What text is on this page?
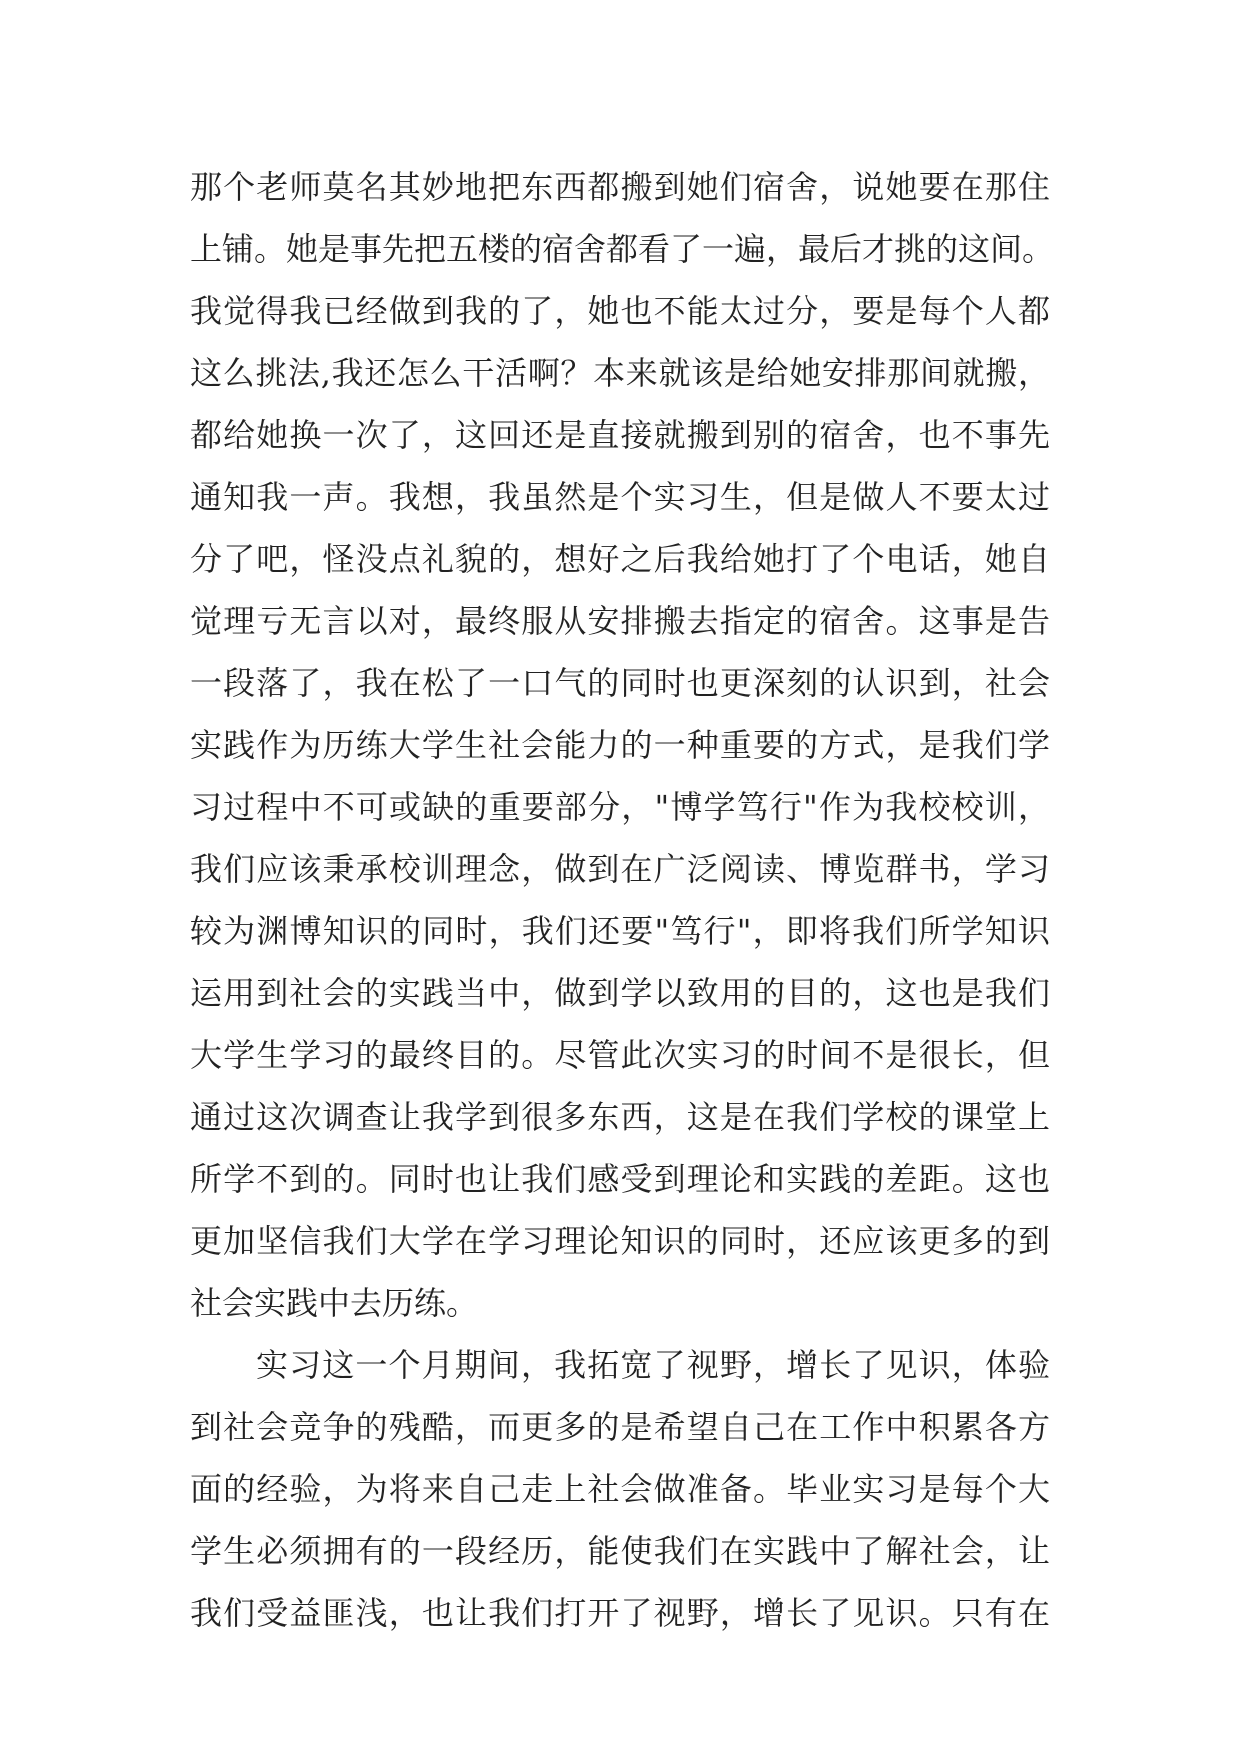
那个老师莫名其妙地把东西都搬到她们宿舍，说她要在那住
上铺。她是事先把五楼的宿舍都看了一遍，最后才挑的这间。
我觉得我已经做到我的了，她也不能太过分，要是每个人都
这么挑法,我还怎么干活啊？本来就该是给她安排那间就搬，
都给她换一次了，这回还是直接就搬到别的宿舍，也不事先
通知我一声。我想，我虽然是个实习生，但是做人不要太过
分了吧，怪没点礼貌的，想好之后我给她打了个电话，她自
觉理亏无言以对，最终服从安排搬去指定的宿舍。这事是告
一段落了，我在松了一口气的同时也更深刻的认识到，社会
实践作为历练大学生社会能力的一种重要的方式，是我们学
习过程中不可或缺的重要部分，"博学笃行"作为我校校训，
我们应该秉承校训理念，做到在广泛阅读、博览群书，学习
较为渊博知识的同时，我们还要"笃行"，即将我们所学知识
运用到社会的实践当中，做到学以致用的目的，这也是我们
大学生学习的最终目的。尽管此次实习的时间不是很长，但
通过这次调查让我学到很多东西，这是在我们学校的课堂上
所学不到的。同时也让我们感受到理论和实践的差距。这也
更加坚信我们大学在学习理论知识的同时，还应该更多的到
社会实践中去历练。
实习这一个月期间，我拓宽了视野，增长了见识，体验
到社会竞争的残酷，而更多的是希望自己在工作中积累各方
面的经验，为将来自己走上社会做准备。毕业实习是每个大
学生必须拥有的一段经历，能使我们在实践中了解社会，让
我们受益匪浅，也让我们打开了视野，增长了见识。只有在
